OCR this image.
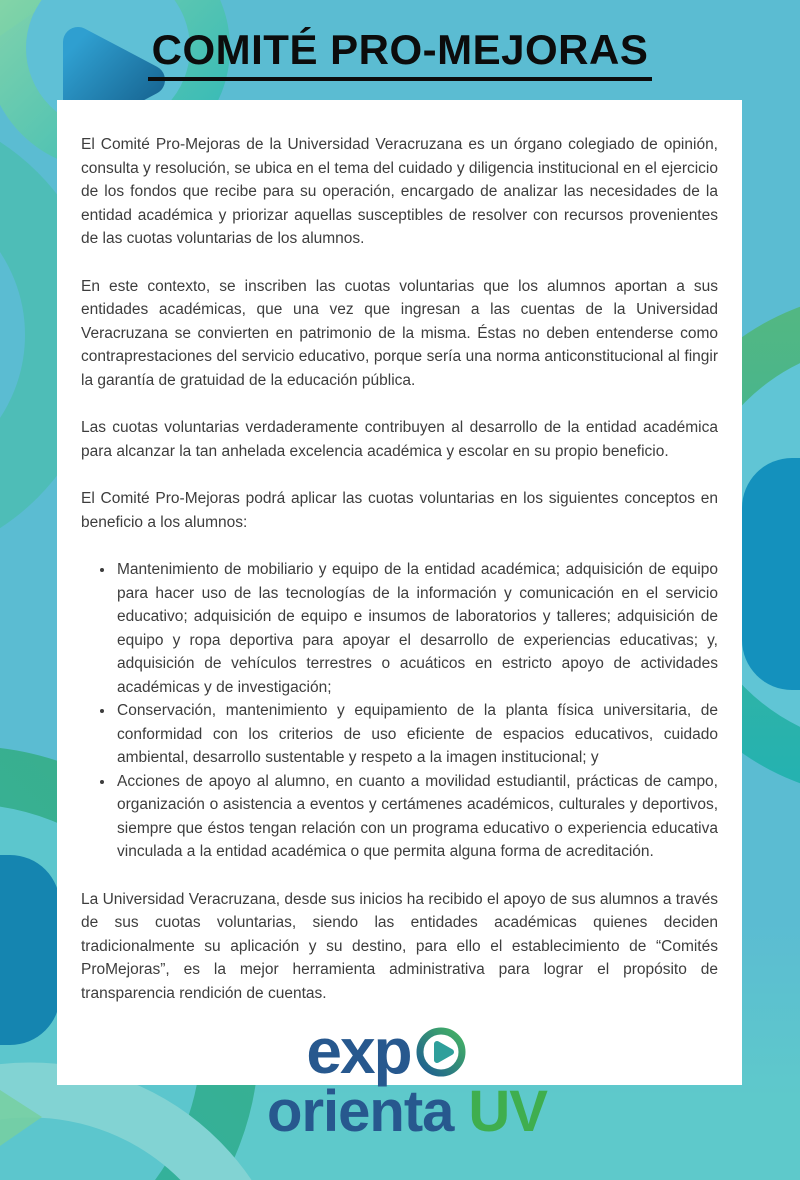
COMITÉ PRO-MEJORAS

El Comité Pro-Mejoras de la Universidad Veracruzana es un órgano colegiado de opinión, consulta y resolución, se ubica en el tema del cuidado y diligencia institucional en el ejercicio de los fondos que recibe para su operación, encargado de analizar las necesidades de la entidad académica y priorizar aquellas susceptibles de resolver con recursos provenientes de las cuotas voluntarias de los alumnos.

En este contexto, se inscriben las cuotas voluntarias que los alumnos aportan a sus entidades académicas, que una vez que ingresan a las cuentas de la Universidad Veracruzana se convierten en patrimonio de la misma. Éstas no deben entenderse como contraprestaciones del servicio educativo, porque sería una norma anticonstitucional al fingir la garantía de gratuidad de la educación pública.

Las cuotas voluntarias verdaderamente contribuyen al desarrollo de la entidad académica para alcanzar la tan anhelada excelencia académica y escolar en su propio beneficio.

El Comité Pro-Mejoras podrá aplicar las cuotas voluntarias en los siguientes conceptos en beneficio a los alumnos:

• Mantenimiento de mobiliario y equipo de la entidad académica; adquisición de equipo para hacer uso de las tecnologías de la información y comunicación en el servicio educativo; adquisición de equipo e insumos de laboratorios y talleres; adquisición de equipo y ropa deportiva para apoyar el desarrollo de experiencias educativas; y, adquisición de vehículos terrestres o acuáticos en estricto apoyo de actividades académicas y de investigación;
• Conservación, mantenimiento y equipamiento de la planta física universitaria, de conformidad con los criterios de uso eficiente de espacios educativos, cuidado ambiental, desarrollo sustentable y respeto a la imagen institucional; y
• Acciones de apoyo al alumno, en cuanto a movilidad estudiantil, prácticas de campo, organización o asistencia a eventos y certámenes académicos, culturales y deportivos, siempre que éstos tengan relación con un programa educativo o experiencia educativa vinculada a la entidad académica o que permita alguna forma de acreditación.

La Universidad Veracruzana, desde sus inicios ha recibido el apoyo de sus alumnos a través de sus cuotas voluntarias, siendo las entidades académicas quienes deciden tradicionalmente su aplicación y su destino, para ello el establecimiento de “Comités ProMejoras”, es la mejor herramienta administrativa para lograr el propósito de transparencia rendición de cuentas.

exp
orienta UV
